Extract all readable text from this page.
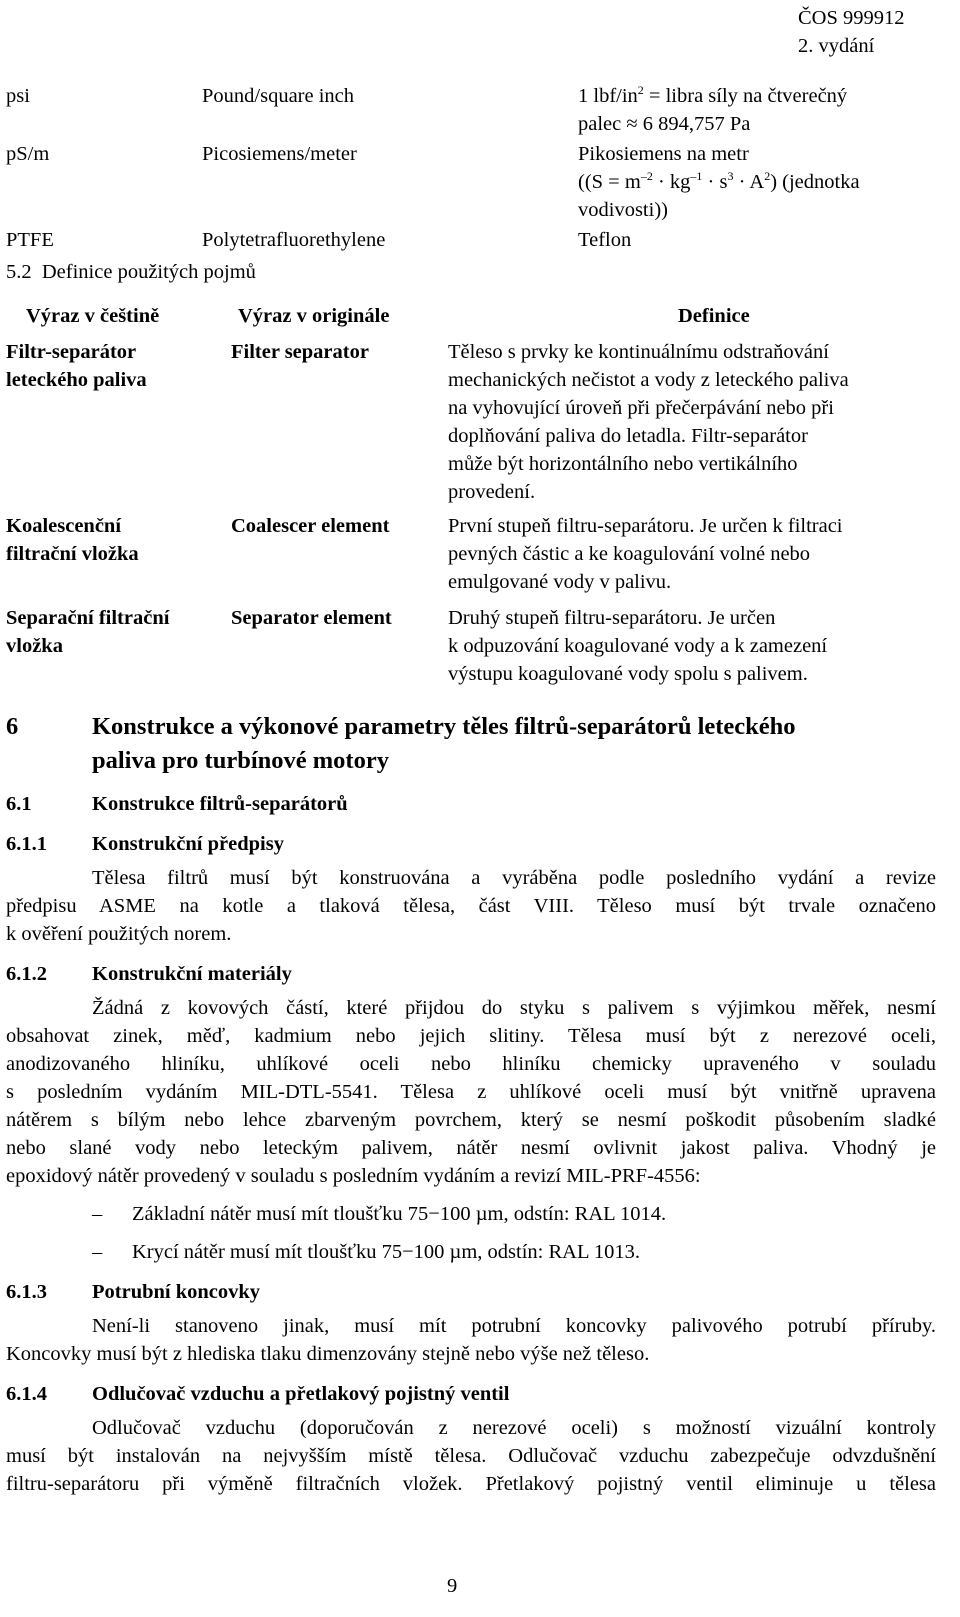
ČOS 999912
2. vydání
psi	Pound/square inch	1 lbf/$in^2$ = libra síly na čtverečný
palec ≈ 6 894,757 Pa
pS/m	Picosiemens/meter	Pikosiemens na metr
($(S = m^{-2} \cdot kg^{-1} \cdot s^3 \cdot A^2)$ (jednotka
vodivosti))
PTFE	Polytetrafluorethylene	Teflon
5.2 Definice použitých pojmů
Výraz v češtině	Výraz v originále	Definice
Filtr-separátor
leteckého paliva
Filter separator	Těleso s prvky ke kontinuálnímu odstraňování
mechanických nečistot a vody z leteckého paliva
na vyhovující úroveň při přečerpávání nebo při
doplňování paliva do letadla. Filtr-separátor
může být horizontálního nebo vertikálního
provedení.
Koalescenční
filtrační vložka
Coalescer element	První stupeň filtru-separátoru. Je určen k filtraci
pevných částic a ke koagulování volné nebo
emulgované vody v palivu.
Separační filtrační
vložka
Separator element	Druhý stupeň filtru-separátoru. Je určen
k odpuzování koagulované vody a k zamezení
výstupu koagulované vody spolu s palivem.
6	Konstrukce a výkonové parametry těles filtrů-separátorů leteckého
paliva pro turbínové motory
6.1	Konstrukce filtrů-separátorů
6.1.1 Konstrukční předpisy
Tělesa filtrů musí být konstruována a vyráběna podle posledního vydání a revize
předpisu ASME na kotle a tlaková tělesa, část VIII. Těleso musí být trvale označeno
k ověření použitých norem.
6.1.2 Konstrukční materiály
Žádná z kovových částí, které přijdou do styku s palivem s výjimkou měřek, nesmí
obsahovat zinek, měď, kadmium nebo jejich slitiny. Tělesa musí být z nerezové oceli,
anodizovaného hliníku, uhlíkové oceli nebo hliníku chemicky upraveného v souladu
s posledním vydáním MIL-DTL-5541. Tělesa z uhlíkové oceli musí být vnitřně upravena
nátěrem s bílým nebo lehce zbarveným povrchem, který se nesmí poškodit působením sladké
nebo slané vody nebo leteckým palivem, nátěr nesmí ovlivnit jakost paliva. Vhodný je
epoxidový nátěr provedený v souladu s posledním vydáním a revizí MIL-PRF-4556:
– Základní nátěr musí mít tloušťku 75−100 µm, odstín: RAL 1014.
– Krycí nátěr musí mít tloušťku 75−100 µm, odstín: RAL 1013.
6.1.3 Potrubní koncovky
Není-li stanoveno jinak, musí mít potrubní koncovky palivového potrubí příruby.
Koncovky musí být z hlediska tlaku dimenzovány stejně nebo výše než těleso.
6.1.4 Odlučovač vzduchu a přetlakový pojistný ventil
Odlučovač vzduchu (doporučován z nerezové oceli) s možností vizuální kontroly
musí být instalován na nejvyšším místě tělesa. Odlučovač vzduchu zabezpečuje odvzdušnění
filtru-separátoru při výměně filtračních vložek. Přetlakový pojistný ventil eliminuje u tělesa
9
